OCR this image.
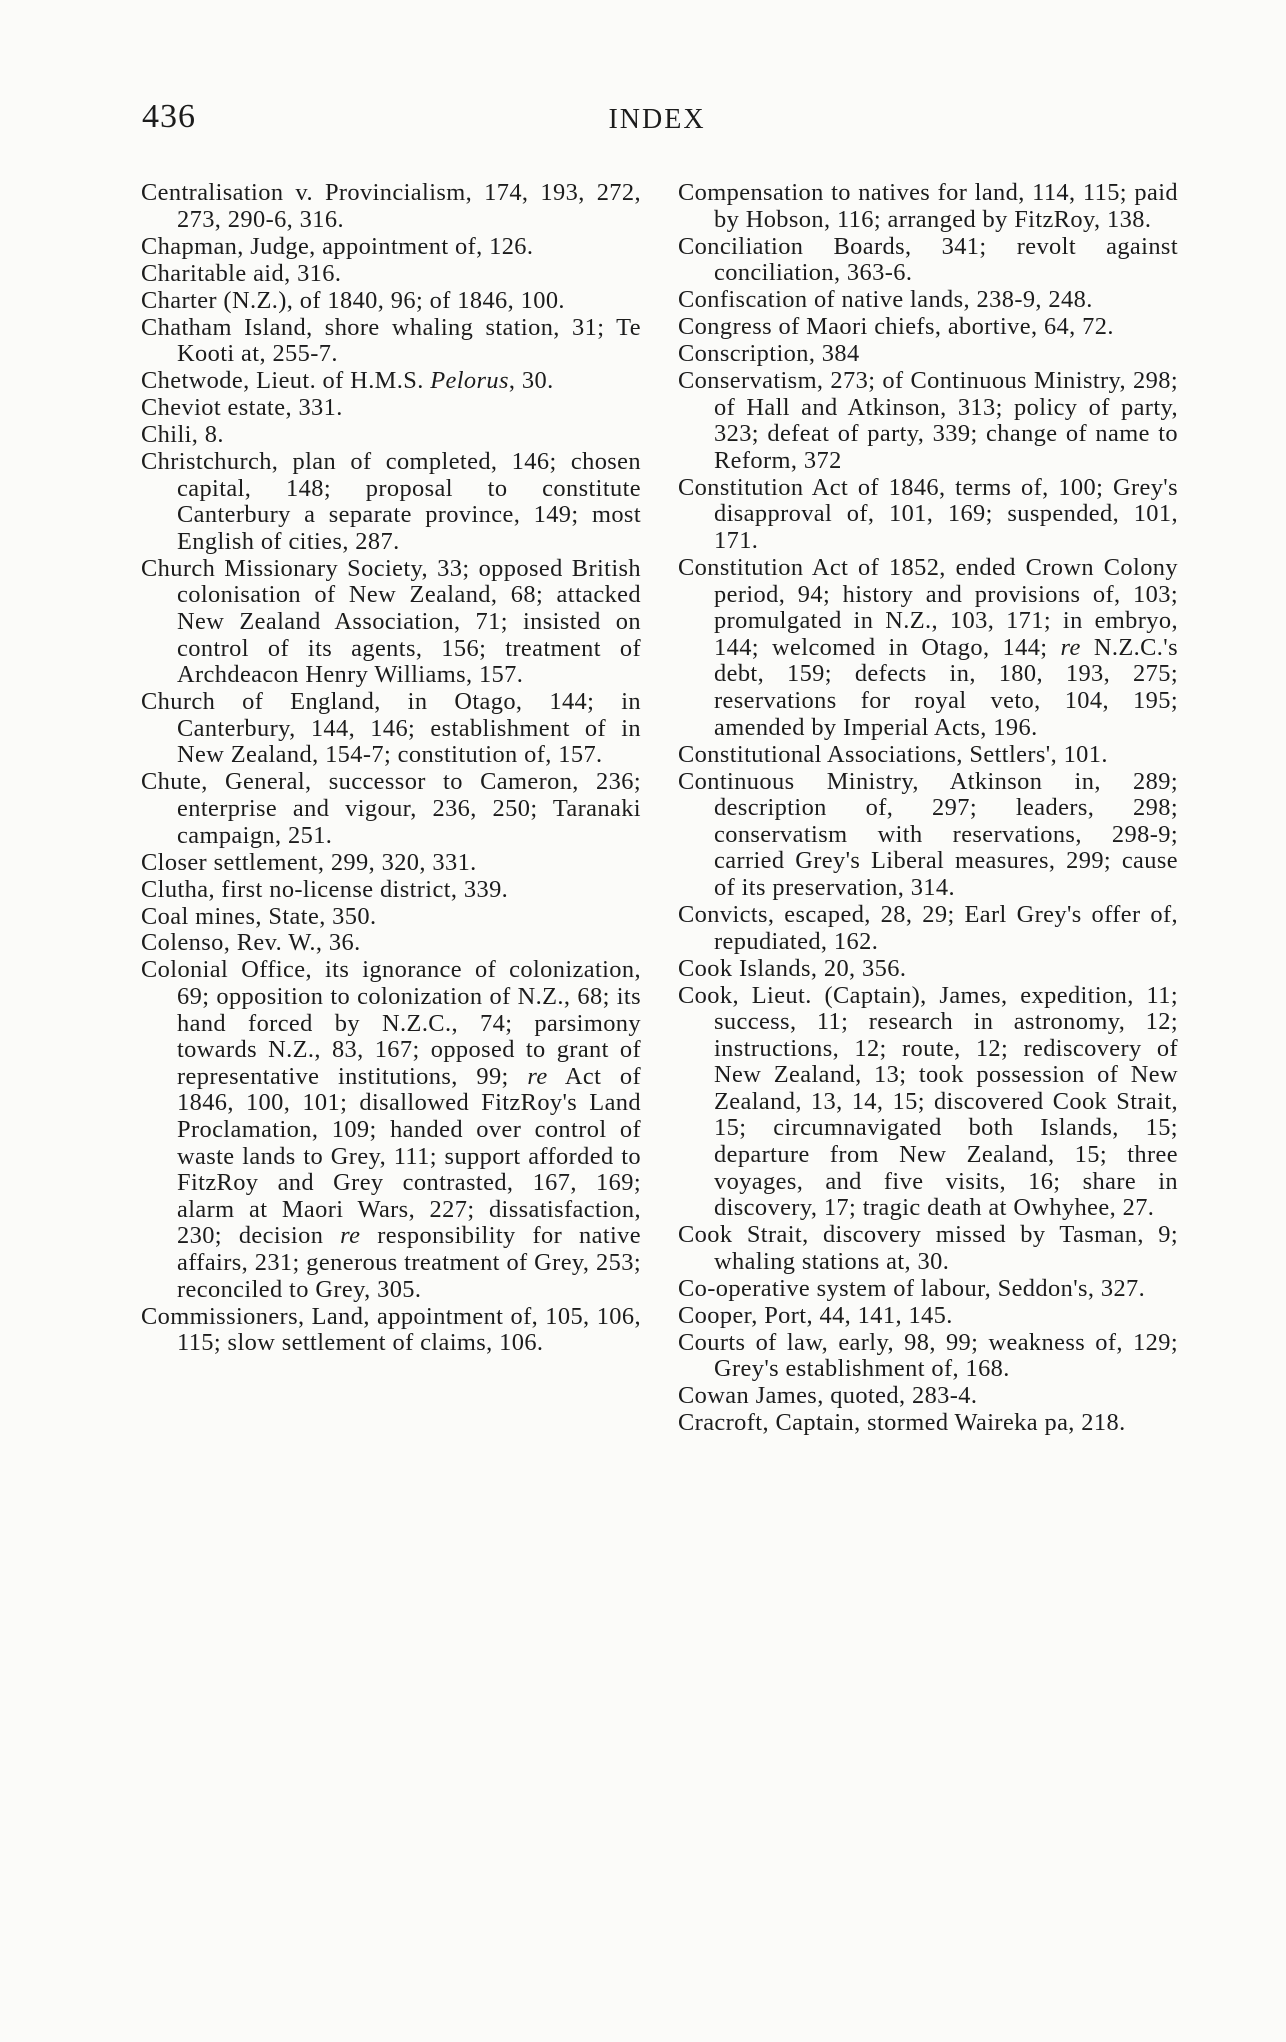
436	INDEX
Centralisation v. Provincialism, 174, 193, 272, 273, 290-6, 316.
Chapman, Judge, appointment of, 126.
Charitable aid, 316.
Charter (N.Z.), of 1840, 96; of 1846, 100.
Chatham Island, shore whaling station, 31; Te Kooti at, 255-7.
Chetwode, Lieut. of H.M.S. Pelorus, 30.
Cheviot estate, 331.
Chili, 8.
Christchurch, plan of completed, 146; chosen capital, 148; proposal to constitute Canterbury a separate province, 149; most English of cities, 287.
Church Missionary Society, 33; opposed British colonisation of New Zealand, 68; attacked New Zealand Association, 71; insisted on control of its agents, 156; treatment of Archdeacon Henry Williams, 157.
Church of England, in Otago, 144; in Canterbury, 144, 146; establishment of in New Zealand, 154-7; constitution of, 157.
Chute, General, successor to Cameron, 236; enterprise and vigour, 236, 250; Taranaki campaign, 251.
Closer settlement, 299, 320, 331.
Clutha, first no-license district, 339.
Coal mines, State, 350.
Colenso, Rev. W., 36.
Colonial Office, its ignorance of colonization, 69; opposition to colonization of N.Z., 68; its hand forced by N.Z.C., 74; parsimony towards N.Z., 83, 167; opposed to grant of representative institutions, 99; re Act of 1846, 100, 101; disallowed FitzRoy's Land Proclamation, 109; handed over control of waste lands to Grey, 111; support afforded to FitzRoy and Grey contrasted, 167, 169; alarm at Maori Wars, 227; dissatisfaction, 230; decision re responsibility for native affairs, 231; generous treatment of Grey, 253; reconciled to Grey, 305.
Commissioners, Land, appointment of, 105, 106, 115; slow settlement of claims, 106.
Compensation to natives for land, 114, 115; paid by Hobson, 116; arranged by FitzRoy, 138.
Conciliation Boards, 341; revolt against conciliation, 363-6.
Confiscation of native lands, 238-9, 248.
Congress of Maori chiefs, abortive, 64, 72.
Conscription, 384
Conservatism, 273; of Continuous Ministry, 298; of Hall and Atkinson, 313; policy of party, 323; defeat of party, 339; change of name to Reform, 372
Constitution Act of 1846, terms of, 100; Grey's disapproval of, 101, 169; suspended, 101, 171.
Constitution Act of 1852, ended Crown Colony period, 94; history and provisions of, 103; promulgated in N.Z., 103, 171; in embryo, 144; welcomed in Otago, 144; re N.Z.C.'s debt, 159; defects in, 180, 193, 275; reservations for royal veto, 104, 195; amended by Imperial Acts, 196.
Constitutional Associations, Settlers', 101.
Continuous Ministry, Atkinson in, 289; description of, 297; leaders, 298; conservatism with reservations, 298-9; carried Grey's Liberal measures, 299; cause of its preservation, 314.
Convicts, escaped, 28, 29; Earl Grey's offer of, repudiated, 162.
Cook Islands, 20, 356.
Cook, Lieut. (Captain), James, expedition, 11; success, 11; research in astronomy, 12; instructions, 12; route, 12; rediscovery of New Zealand, 13; took possession of New Zealand, 13, 14, 15; discovered Cook Strait, 15; circumnavigated both Islands, 15; departure from New Zealand, 15; three voyages, and five visits, 16; share in discovery, 17; tragic death at Owhyhee, 27.
Cook Strait, discovery missed by Tasman, 9; whaling stations at, 30.
Co-operative system of labour, Seddon's, 327.
Cooper, Port, 44, 141, 145.
Courts of law, early, 98, 99; weakness of, 129; Grey's establishment of, 168.
Cowan James, quoted, 283-4.
Cracroft, Captain, stormed Waireka pa, 218.
